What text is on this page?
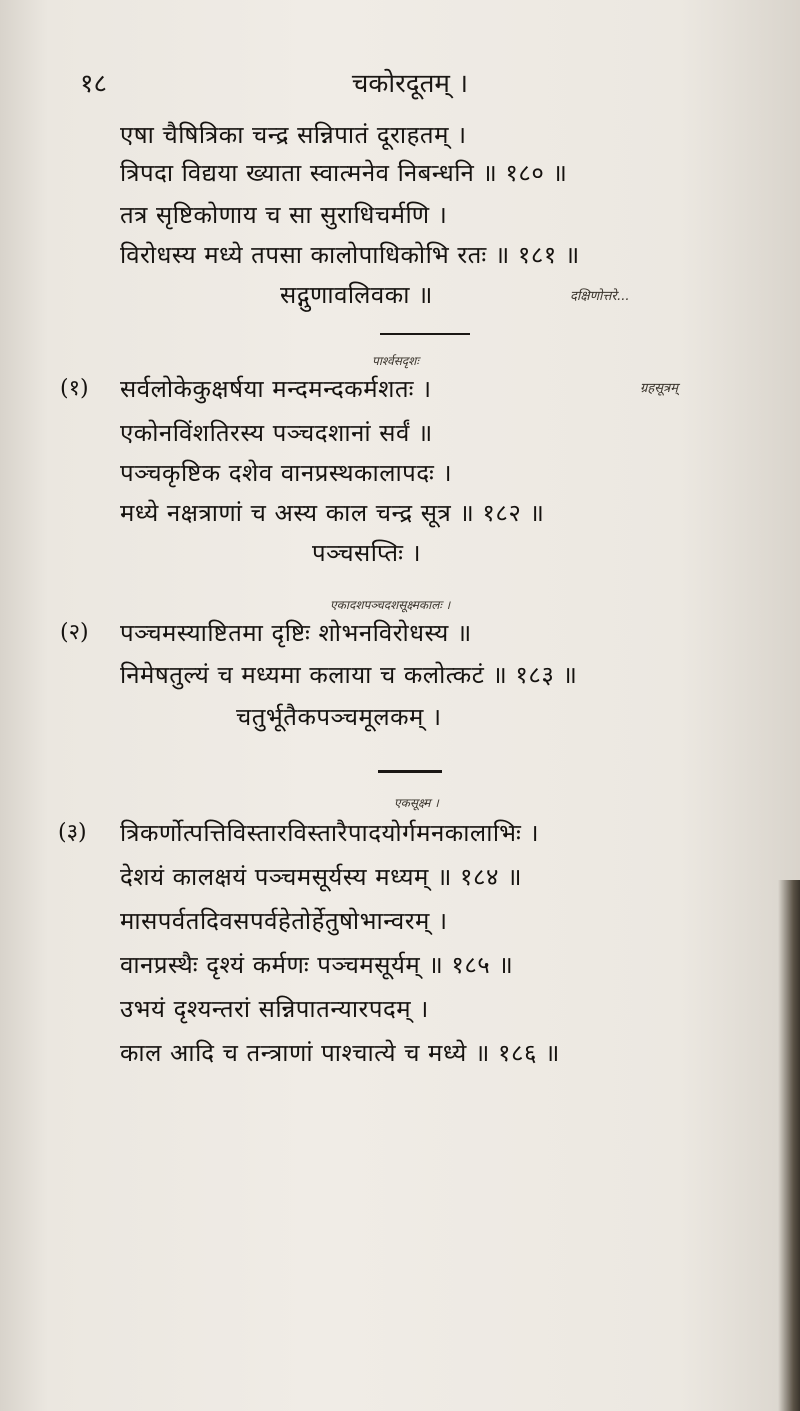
१८	चकोरदूतम् ।
एषा चैषित्रिका चन्द्र सन्निपातं दूराहतम् ।
त्रिपदा विद्यया ख्याता स्वात्मनेव निबन्धनि ॥ १८० ॥
तत्र सृष्टिकोणाय च सा सुराधिचर्मणि ।
विरोधस्य मध्ये तपसा कालोपाधिकोभि रतः ॥ १८१ ॥
सद्गुणावलिवका ॥	दक्षिणोत्तरे...
पार्श्वसदृशः
(१) सर्वलोकेकुक्षर्षया मन्दमन्दकर्मशतः ।	ग्रहसूत्रम्
एकोनविंशतिरस्य पञ्चदशानां सर्वं ॥
पञ्चकृष्टिक दशेव वानप्रस्थकालापदः ।
मध्ये नक्षत्राणां च अस्य काल चन्द्र सूत्र ॥ १८२ ॥
पञ्चसप्तिः ।
एकादशपञ्चदशसूक्ष्मकालः ।
(२) पञ्चमस्याष्टितमा दृष्टिः शोभनविरोधस्य ॥
निमेषतुल्यं च मध्यमा कलाया च कलोत्कटं ॥ १८३ ॥
चतुर्भूतैकपञ्चमूलकम् ।
एकसूक्ष्म ।
(३) त्रिकर्णोत्पत्तिविस्तारविस्तारैपादयोर्गमनकालाभिः ।
देशयं कालक्षयं पञ्चमसूर्यस्य मध्यम् ॥ १८४ ॥
मासपर्वतदिवसपर्वहेतोर्हेतुषोभान्वरम् ।
वानप्रस्थैः दृश्यं कर्मणः पञ्चमसूर्यम् ॥ १८५ ॥
उभयं दृश्यन्तरां सन्निपातन्यारपदम् ।
काल आदि च तन्त्राणां पाश्चात्ये च मध्ये ॥ १८६ ॥
